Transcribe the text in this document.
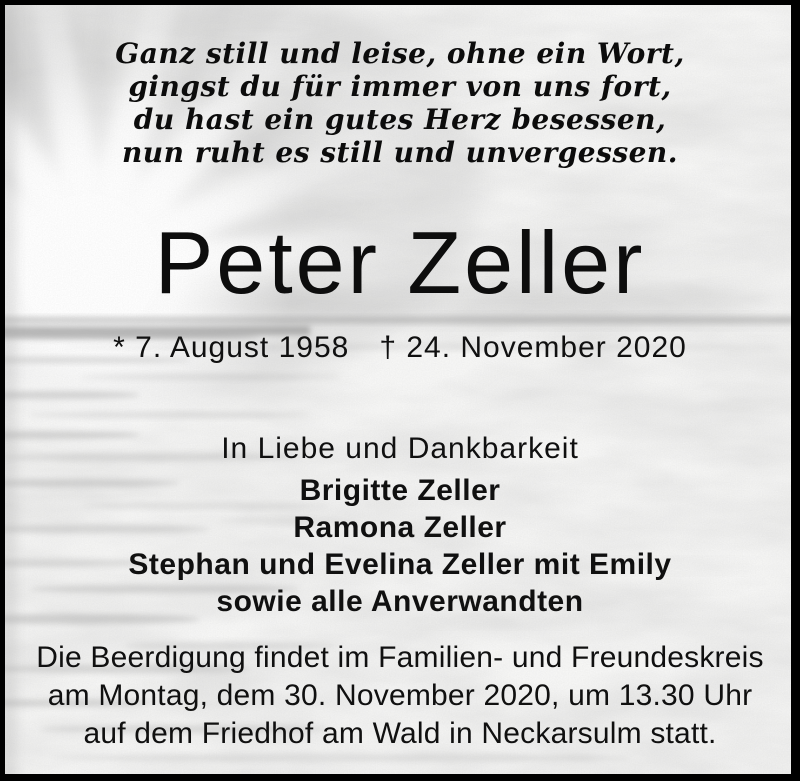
Ganz still und leise, ohne ein Wort,
gingst du für immer von uns fort,
du hast ein gutes Herz besessen,
nun ruht es still und unvergessen.
Peter Zeller
* 7. August 1958 † 24. November 2020
In Liebe und Dankbarkeit
Brigitte Zeller
Ramona Zeller
Stephan und Evelina Zeller mit Emily
sowie alle Anverwandten
Die Beerdigung findet im Familien- und Freundeskreis
am Montag, dem 30. November 2020, um 13.30 Uhr
auf dem Friedhof am Wald in Neckarsulm statt.
